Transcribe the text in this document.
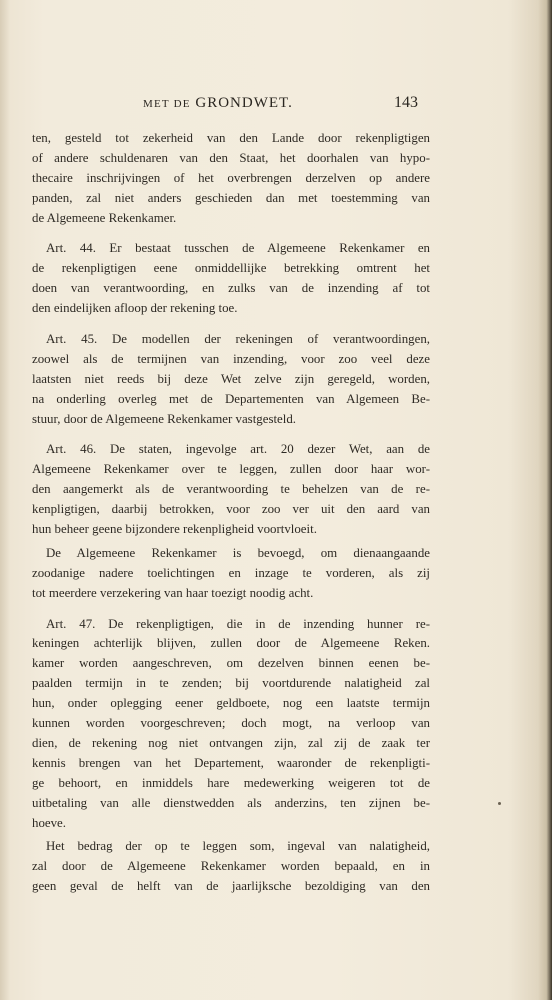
MET DE GRONDWET.	143
ten, gesteld tot zekerheid van den Lande door rekenpligtigen
of andere schuldenaren van den Staat, het doorhalen van hypo-
thecaire inschrijvingen of het overbrengen derzelven op andere
panden, zal niet anders geschieden dan met toestemming van
de Algemeene Rekenkamer.
Art. 44. Er bestaat tusschen de Algemeene Rekenkamer en
de rekenpligtigen eene onmiddellijke betrekking omtrent het
doen van verantwoording, en zulks van de inzending af tot
den eindelijken afloop der rekening toe.
Art. 45. De modellen der rekeningen of verantwoordingen,
zoowel als de termijnen van inzending, voor zoo veel deze
laatsten niet reeds bij deze Wet zelve zijn geregeld, worden,
na onderling overleg met de Departementen van Algemeen Be-
stuur, door de Algemeene Rekenkamer vastgesteld.
Art. 46. De staten, ingevolge art. 20 dezer Wet, aan de
Algemeene Rekenkamer over te leggen, zullen door haar wor-
den aangemerkt als de verantwoording te behelzen van de re-
kenpligtigen, daarbij betrokken, voor zoo ver uit den aard van
hun beheer geene bijzondere rekenpligheid voortvloeit.
De Algemeene Rekenkamer is bevoegd, om dienaangaande
zoodanige nadere toelichtingen en inzage te vorderen, als zij
tot meerdere verzekering van haar toezigt noodig acht.
Art. 47. De rekenpligtigen, die in de inzending hunner re-
keningen achterlijk blijven, zullen door de Algemeene Reken.
kamer worden aangeschreven, om dezelven binnen eenen be-
paalden termijn in te zenden; bij voortdurende nalatigheid zal
hun, onder oplegging eener geldboete, nog een laatste termijn
kunnen worden voorgeschreven; doch mogt, na verloop van
dien, de rekening nog niet ontvangen zijn, zal zij de zaak ter
kennis brengen van het Departement, waaronder de rekenpligti-
ge behoort, en inmiddels hare medewerking weigeren tot de
uitbetaling van alle dienstwedden als anderzins, ten zijnen be-
hoeve.
Het bedrag der op te leggen som, ingeval van nalatigheid,
zal door de Algemeene Rekenkamer worden bepaald, en in
geen geval de helft van de jaarlijksche bezoldiging van den
